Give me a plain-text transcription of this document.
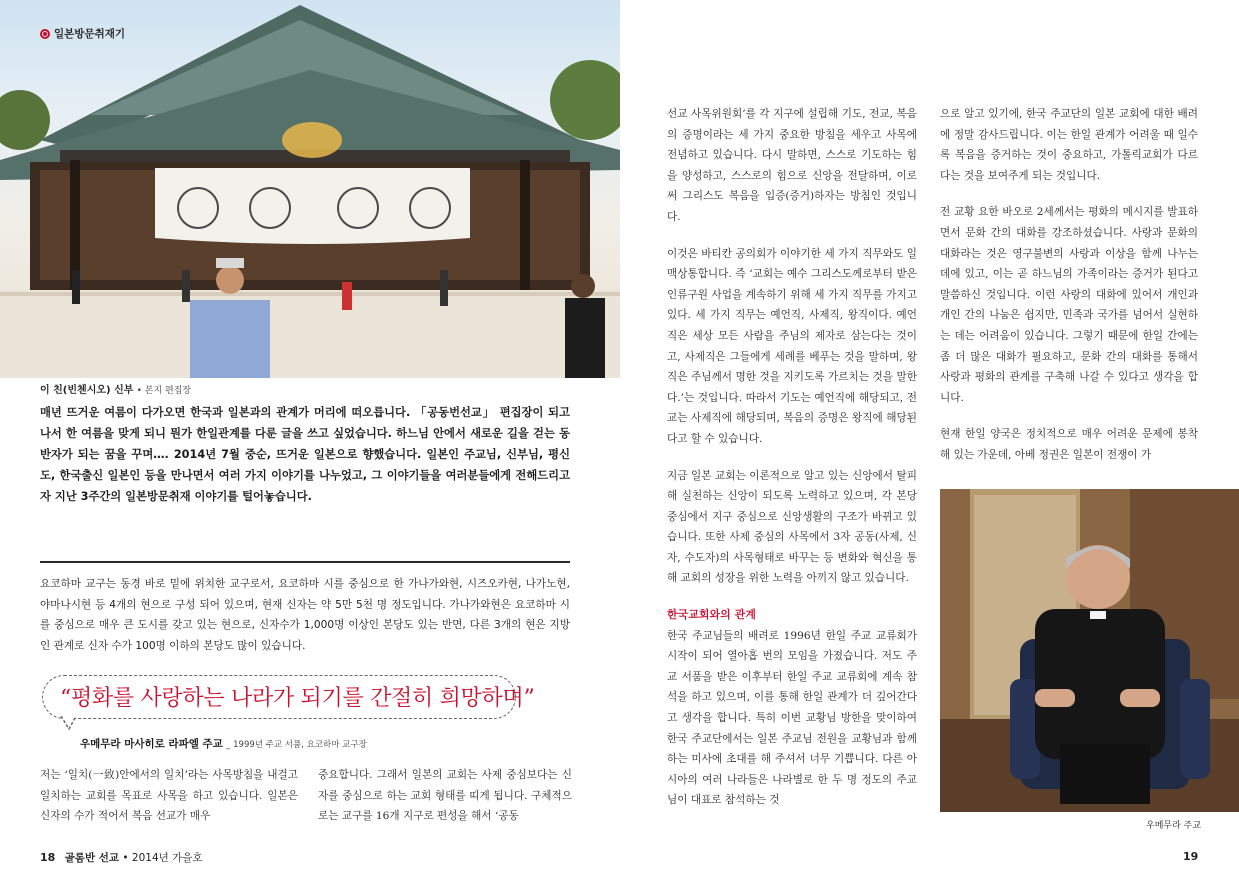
일본방문취재기
이 친(빈첸시오) 신부 • 본지 편집장
매년 뜨거운 여름이 다가오면 한국과 일본과의 관계가 머리에 떠오릅니다. 「공동번선교」 편집장이 되고 나서 한 여름을 맞게 되니 뭔가 한일관계를 다룬 글을 쓰고 싶었습니다. 하느님 안에서 새로운 길을 걷는 동반자가 되는 꿈을 꾸며…. 2014년 7월 중순, 뜨거운 일본으로 향했습니다. 일본인 주교님, 신부님, 평신도, 한국출신 일본인 등을 만나면서 여러 가지 이야기를 나누었고, 그 이야기들을 여러분들에게 전해드리고자 지난 3주간의 일본방문취재 이야기를 털어놓습니다.
요코하마 교구는 동경 바로 밑에 위치한 교구로서, 요코하마 시를 중심으로 한 가나가와현, 시즈오카현, 나가노현, 야마나시현 등 4개의 현으로 구성 되어 있으며, 현재 신자는 약 5만 5천 명 정도입니다. 가나가와현은 요코하마 시를 중심으로 매우 큰 도시를 갖고 있는 현으로, 신자수가 1,000명 이상인 본당도 있는 반면, 다른 3개의 현은 지방인 관계로 신자 수가 100명 이하의 본당도 많이 있습니다.
“평화를 사랑하는 나라가 되기를 간절히 희망하며”
우메무라 마사히로 라파엘 주교 _ 1999년 주교 서품, 요코하마 교구장

저는 ‘일치(一致)안에서의 일치’라는 사목방침을 내걸고 일치하는 교회를 목표로 사목을 하고 있습니다. 일본은 신자의 수가 적어서 복음 선교가 매우

중요합니다. 그래서 일본의 교회는 사제 중심보다는 신자를 중심으로 하는 교회 형태를 띠게 됩니다. 구체적으로는 교구를 16개 지구로 편성을 해서 ‘공동

18 골롬반 선교 • 2014년 가을호

선교 사목위원회’를 각 지구에 설립해 기도, 전교, 복음의 증명이라는 세 가지 중요한 방침을 세우고 사목에 전념하고 있습니다. 다시 말하면, 스스로 기도하는 힘을 양성하고, 스스로의 힘으로 신앙을 전달하며, 이로써 그리스도 복음을 입증(증거)하자는 방침인 것입니다.

이것은 바티칸 공의회가 이야기한 세 가지 직무와도 일맥상통합니다. 즉 ‘교회는 예수 그리스도께로부터 받은 인류구원 사업을 계속하기 위해 세 가지 직무를 가지고 있다. 세 가지 직무는 예언직, 사제직, 왕직이다. 예언직은 세상 모든 사람을 주님의 제자로 삼는다는 것이고, 사제직은 그들에게 세례를 베푸는 것을 말하며, 왕직은 주님께서 명한 것을 지키도록 가르치는 것을 말한다.’는 것입니다. 따라서 기도는 예언직에 해당되고, 전교는 사제직에 해당되며, 복음의 증명은 왕직에 해당된다고 할 수 있습니다.

지금 일본 교회는 이론적으로 알고 있는 신앙에서 탈피해 실천하는 신앙이 되도록 노력하고 있으며, 각 본당 중심에서 지구 중심으로 신앙생활의 구조가 바뀌고 있습니다. 또한 사제 중심의 사목에서 3자 공동(사제, 신자, 수도자)의 사목형태로 바꾸는 등 변화와 혁신을 통해 교회의 성장을 위한 노력을 아끼지 않고 있습니다.

한국교회와의 관계

한국 주교님들의 배려로 1996년 한일 주교 교류회가 시작이 되어 열아홉 번의 모임을 가졌습니다. 저도 주교 서품을 받은 이후부터 한일 주교 교류회에 계속 참석을 하고 있으며, 이를 통해 한일 관계가 더 깊어간다고 생각을 합니다. 특히 이번 교황님 방한을 맞이하여 한국 주교단에서는 일본 주교님 전원을 교황님과 함께 하는 미사에 초대를 해 주셔서 너무 기쁩니다. 다른 아시아의 여러 나라들은 나라별로 한 두 명 정도의 주교님이 대표로 참석하는 것

으로 알고 있기에, 한국 주교단의 일본 교회에 대한 배려에 정말 감사드립니다. 이는 한일 관계가 어려울 때 일수록 복음을 증거하는 것이 중요하고, 가톨릭교회가 다르다는 것을 보여주게 되는 것입니다.

전 교황 요한 바오로 2세께서는 평화의 메시지를 발표하면서 문화 간의 대화를 강조하셨습니다. 사랑과 문화의 대화라는 것은 영구불변의 사랑과 이상을 함께 나누는 데에 있고, 이는 곧 하느님의 가족이라는 증거가 된다고 말씀하신 것입니다. 이런 사랑의 대화에 있어서 개인과 개인 간의 나눔은 쉽지만, 민족과 국가를 넘어서 실현하는 데는 어려움이 있습니다. 그렇기 때문에 한일 간에는 좀 더 많은 대화가 필요하고, 문화 간의 대화를 통해서 사랑과 평화의 관계를 구축해 나갈 수 있다고 생각을 합니다.

현재 한일 양국은 정치적으로 매우 어려운 문제에 봉착해 있는 가운데, 아베 정권은 일본이 전쟁이 가

우메무라 주교
19
